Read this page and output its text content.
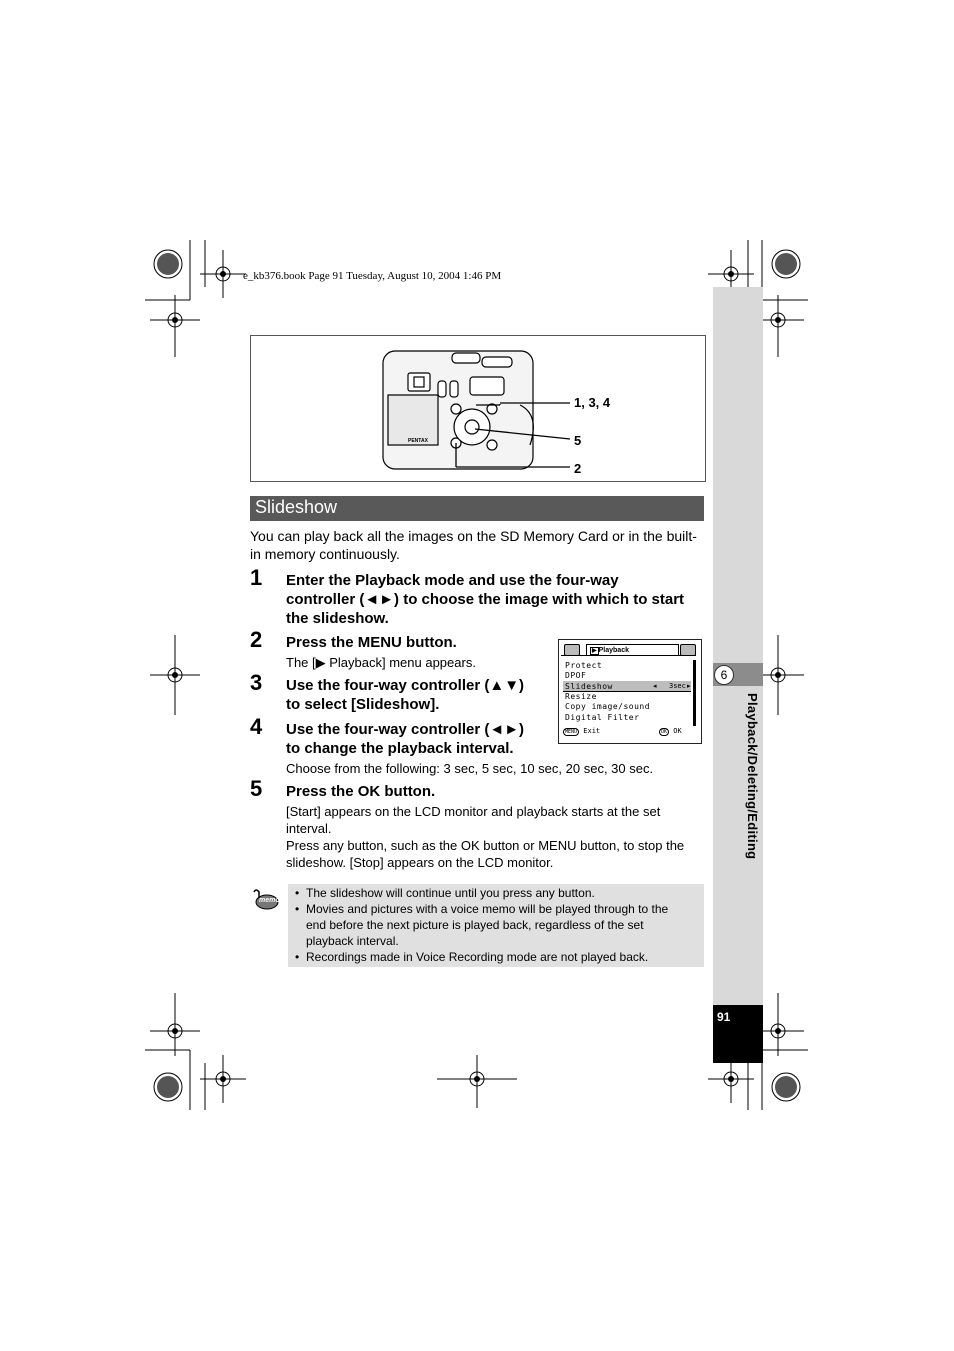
e_kb376.book Page 91 Tuesday, August 10, 2004 1:46 PM
6
Playback/Deleting/Editing
91
PENTAX
1, 3, 4
5
2
Slideshow
You can play back all the images on the SD Memory Card or in the built-in memory continuously.
1 Enter the Playback mode and use the four-way
controller (◄►) to choose the image with which to start
the slideshow.
2 Press the MENU button.
The [▶ Playback] menu appears.
3 Use the four-way controller (▲▼)
to select [Slideshow].
4 Use the four-way controller (◄►)
to change the playback interval.
Choose from the following: 3 sec, 5 sec, 10 sec, 20 sec, 30 sec.
5 Press the OK button.
[Start] appears on the LCD monitor and playback starts at the set
interval.
Press any button, such as the OK button or MENU button, to stop the
slideshow. [Stop] appears on the LCD monitor.
▶ Playback
Protect
DPOF
Slideshow	◂ 3sec ▸
Resize
Copy image/sound
Digital Filter
MENU Exit	OK OK
memo
• The slideshow will continue until you press any button.
• Movies and pictures with a voice memo will be played through to the
end before the next picture is played back, regardless of the set
playback interval.
• Recordings made in Voice Recording mode are not played back.
